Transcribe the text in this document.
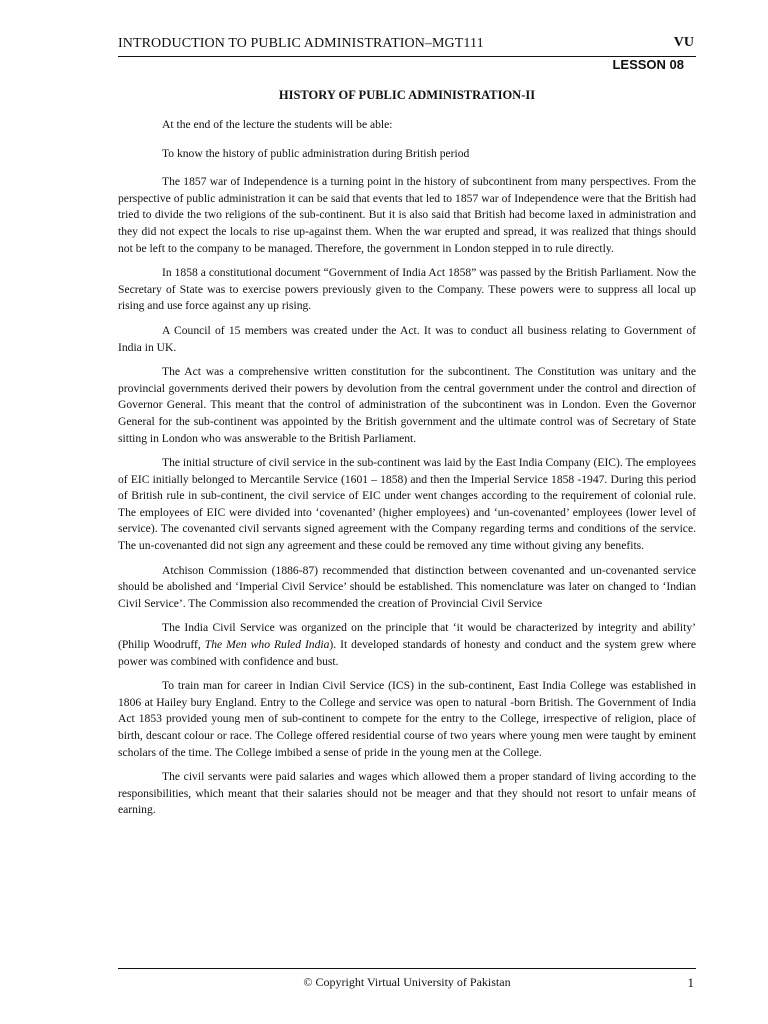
INTRODUCTION TO PUBLIC ADMINISTRATION–MGT111	VU
LESSON 08
HISTORY OF PUBLIC ADMINISTRATION-II

At the end of the lecture the students will be able:

To know the history of public administration during British period

The 1857 war of Independence is a turning point in the history of subcontinent from many perspectives. From the perspective of public administration it can be said that events that led to 1857 war of Independence were that the British had tried to divide the two religions of the sub-continent. But it is also said that British had become laxed in administration and they did not expect the locals to rise up-against them. When the war erupted and spread, it was realized that things should not be left to the company to be managed. Therefore, the government in London stepped in to rule directly.

In 1858 a constitutional document “Government of India Act 1858” was passed by the British Parliament. Now the Secretary of State was to exercise powers previously given to the Company. These powers were to suppress all local up rising and use force against any up rising.

A Council of 15 members was created under the Act. It was to conduct all business relating to Government of India in UK.

The Act was a comprehensive written constitution for the subcontinent. The Constitution was unitary and the provincial governments derived their powers by devolution from the central government under the control and direction of Governor General. This meant that the control of administration of the subcontinent was in London. Even the Governor General for the sub-continent was appointed by the British government and the ultimate control was of Secretary of State sitting in London who was answerable to the British Parliament.

The initial structure of civil service in the sub-continent was laid by the East India Company (EIC). The employees of EIC initially belonged to Mercantile Service (1601 – 1858) and then the Imperial Service 1858 -1947. During this period of British rule in sub-continent, the civil service of EIC under went changes according to the requirement of colonial rule. The employees of EIC were divided into ‘covenanted’ (higher employees) and ‘un-covenanted’ employees (lower level of service). The covenanted civil servants signed agreement with the Company regarding terms and conditions of the service. The un-covenanted did not sign any agreement and these could be removed any time without giving any benefits.

Atchison Commission (1886-87) recommended that distinction between covenanted and un-covenanted service should be abolished and ‘Imperial Civil Service’ should be established. This nomenclature was later on changed to ‘Indian Civil Service’. The Commission also recommended the creation of Provincial Civil Service

The India Civil Service was organized on the principle that ‘it would be characterized by integrity and ability’ (Philip Woodruff, The Men who Ruled India). It developed standards of honesty and conduct and the system grew where power was combined with confidence and bust.

To train man for career in Indian Civil Service (ICS) in the sub-continent, East India College was established in 1806 at Hailey bury England. Entry to the College and service was open to natural -born British. The Government of India Act 1853 provided young men of sub-continent to compete for the entry to the College, irrespective of religion, place of birth, descant colour or race. The College offered residential course of two years where young men were taught by eminent scholars of the time. The College imbibed a sense of pride in the young men at the College.

The civil servants were paid salaries and wages which allowed them a proper standard of living according to the responsibilities, which meant that their salaries should not be meager and that they should not resort to unfair means of earning.

© Copyright Virtual University of Pakistan	1
